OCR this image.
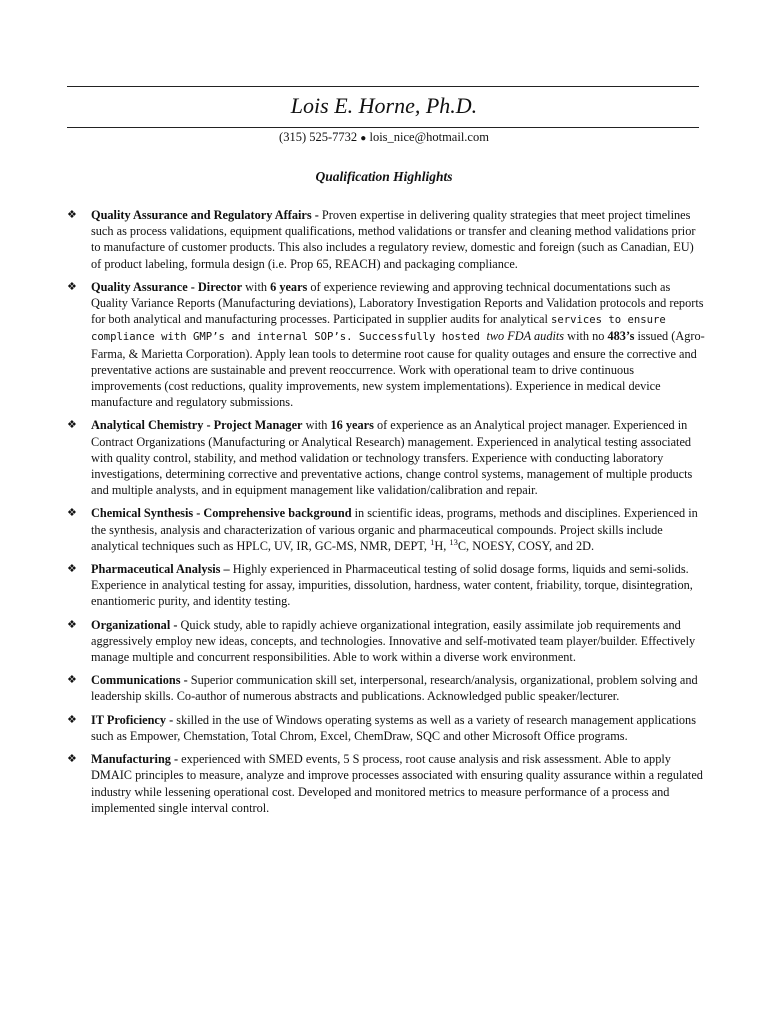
Lois E. Horne, Ph.D.
(315) 525-7732 ● lois_nice@hotmail.com
Qualification Highlights
❖ Quality Assurance and Regulatory Affairs - Proven expertise in delivering quality strategies that meet project timelines such as process validations, equipment qualifications, method validations or transfer and cleaning method validations prior to manufacture of customer products. This also includes a regulatory review, domestic and foreign (such as Canadian, EU) of product labeling, formula design (i.e. Prop 65, REACH) and packaging compliance.
❖ Quality Assurance - Director with 6 years of experience reviewing and approving technical documentations such as Quality Variance Reports (Manufacturing deviations), Laboratory Investigation Reports and Validation protocols and reports for both analytical and manufacturing processes. Participated in supplier audits for analytical services to ensure compliance with GMP’s and internal SOP’s. Successfully hosted two FDA audits with no 483’s issued (Agro-Farma, & Marietta Corporation). Apply lean tools to determine root cause for quality outages and ensure the corrective and preventative actions are sustainable and prevent reoccurrence. Work with operational team to drive continuous improvements (cost reductions, quality improvements, new system implementations). Experience in medical device manufacture and regulatory submissions.
❖ Analytical Chemistry - Project Manager with 16 years of experience as an Analytical project manager. Experienced in Contract Organizations (Manufacturing or Analytical Research) management. Experienced in analytical testing associated with quality control, stability, and method validation or technology transfers. Experience with conducting laboratory investigations, determining corrective and preventative actions, change control systems, management of multiple products and multiple analysts, and in equipment management like validation/calibration and repair.
❖ Chemical Synthesis - Comprehensive background in scientific ideas, programs, methods and disciplines. Experienced in the synthesis, analysis and characterization of various organic and pharmaceutical compounds. Project skills include analytical techniques such as HPLC, UV, IR, GC-MS, NMR, DEPT, $^1$H, $^{13}$C, NOESY, COSY, and 2D.
❖ Pharmaceutical Analysis – Highly experienced in Pharmaceutical testing of solid dosage forms, liquids and semi-solids. Experience in analytical testing for assay, impurities, dissolution, hardness, water content, friability, torque, disintegration, enantiomeric purity, and identity testing.
❖ Organizational - Quick study, able to rapidly achieve organizational integration, easily assimilate job requirements and aggressively employ new ideas, concepts, and technologies. Innovative and self-motivated team player/builder. Effectively manage multiple and concurrent responsibilities. Able to work within a diverse work environment.
❖ Communications - Superior communication skill set, interpersonal, research/analysis, organizational, problem solving and leadership skills. Co-author of numerous abstracts and publications. Acknowledged public speaker/lecturer.
❖ IT Proficiency - skilled in the use of Windows operating systems as well as a variety of research management applications such as Empower, Chemstation, Total Chrom, Excel, ChemDraw, SQC and other Microsoft Office programs.
❖ Manufacturing - experienced with SMED events, 5 S process, root cause analysis and risk assessment. Able to apply DMAIC principles to measure, analyze and improve processes associated with ensuring quality assurance within a regulated industry while lessening operational cost. Developed and monitored metrics to measure performance of a process and implemented single interval control.
